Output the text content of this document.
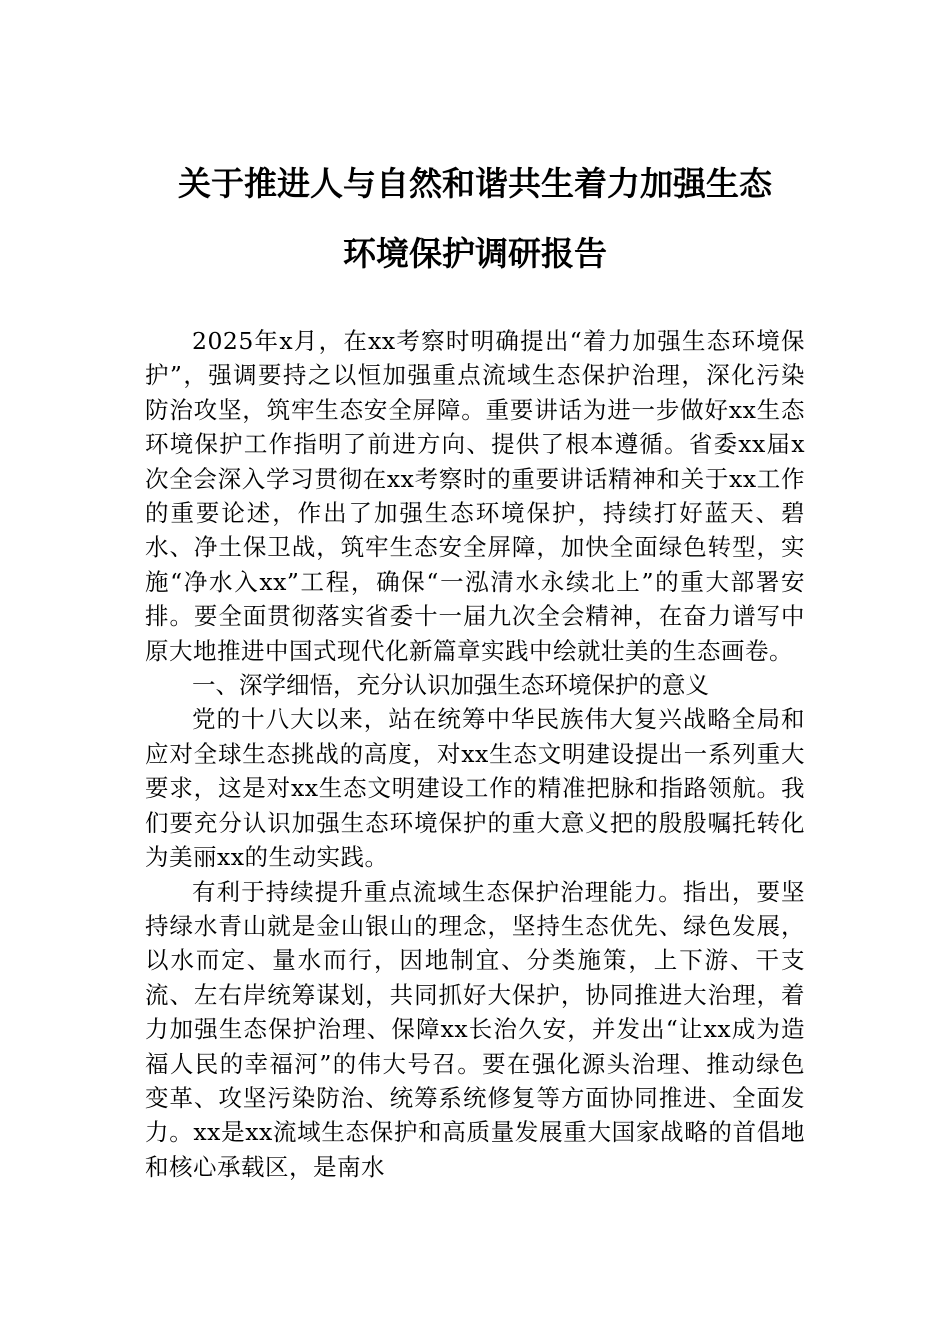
关于推进人与自然和谐共生着力加强生态
环境保护调研报告

2025年x月，在xx考察时明确提出“着力加强生态环境保护”，强调要持之以恒加强重点流域生态保护治理，深化污染防治攻坚，筑牢生态安全屏障。重要讲话为进一步做好xx生态环境保护工作指明了前进方向、提供了根本遵循。省委xx届x次全会深入学习贯彻在xx考察时的重要讲话精神和关于xx工作的重要论述，作出了加强生态环境保护，持续打好蓝天、碧水、净土保卫战，筑牢生态安全屏障，加快全面绿色转型，实施“净水入xx”工程，确保“一泓清水永续北上”的重大部署安排。要全面贯彻落实省委十一届九次全会精神，在奋力谱写中原大地推进中国式现代化新篇章实践中绘就壮美的生态画卷。

一、深学细悟，充分认识加强生态环境保护的意义

党的十八大以来，站在统筹中华民族伟大复兴战略全局和应对全球生态挑战的高度，对xx生态文明建设提出一系列重大要求，这是对xx生态文明建设工作的精准把脉和指路领航。我们要充分认识加强生态环境保护的重大意义把的殷殷嘱托转化为美丽xx的生动实践。

有利于持续提升重点流域生态保护治理能力。指出，要坚持绿水青山就是金山银山的理念，坚持生态优先、绿色发展，以水而定、量水而行，因地制宜、分类施策，上下游、干支流、左右岸统筹谋划，共同抓好大保护，协同推进大治理，着力加强生态保护治理、保障xx长治久安，并发出“让xx成为造福人民的幸福河”的伟大号召。要在强化源头治理、推动绿色变革、攻坚污染防治、统筹系统修复等方面协同推进、全面发力。xx是xx流域生态保护和高质量发展重大国家战略的首倡地和核心承载区，是南水
